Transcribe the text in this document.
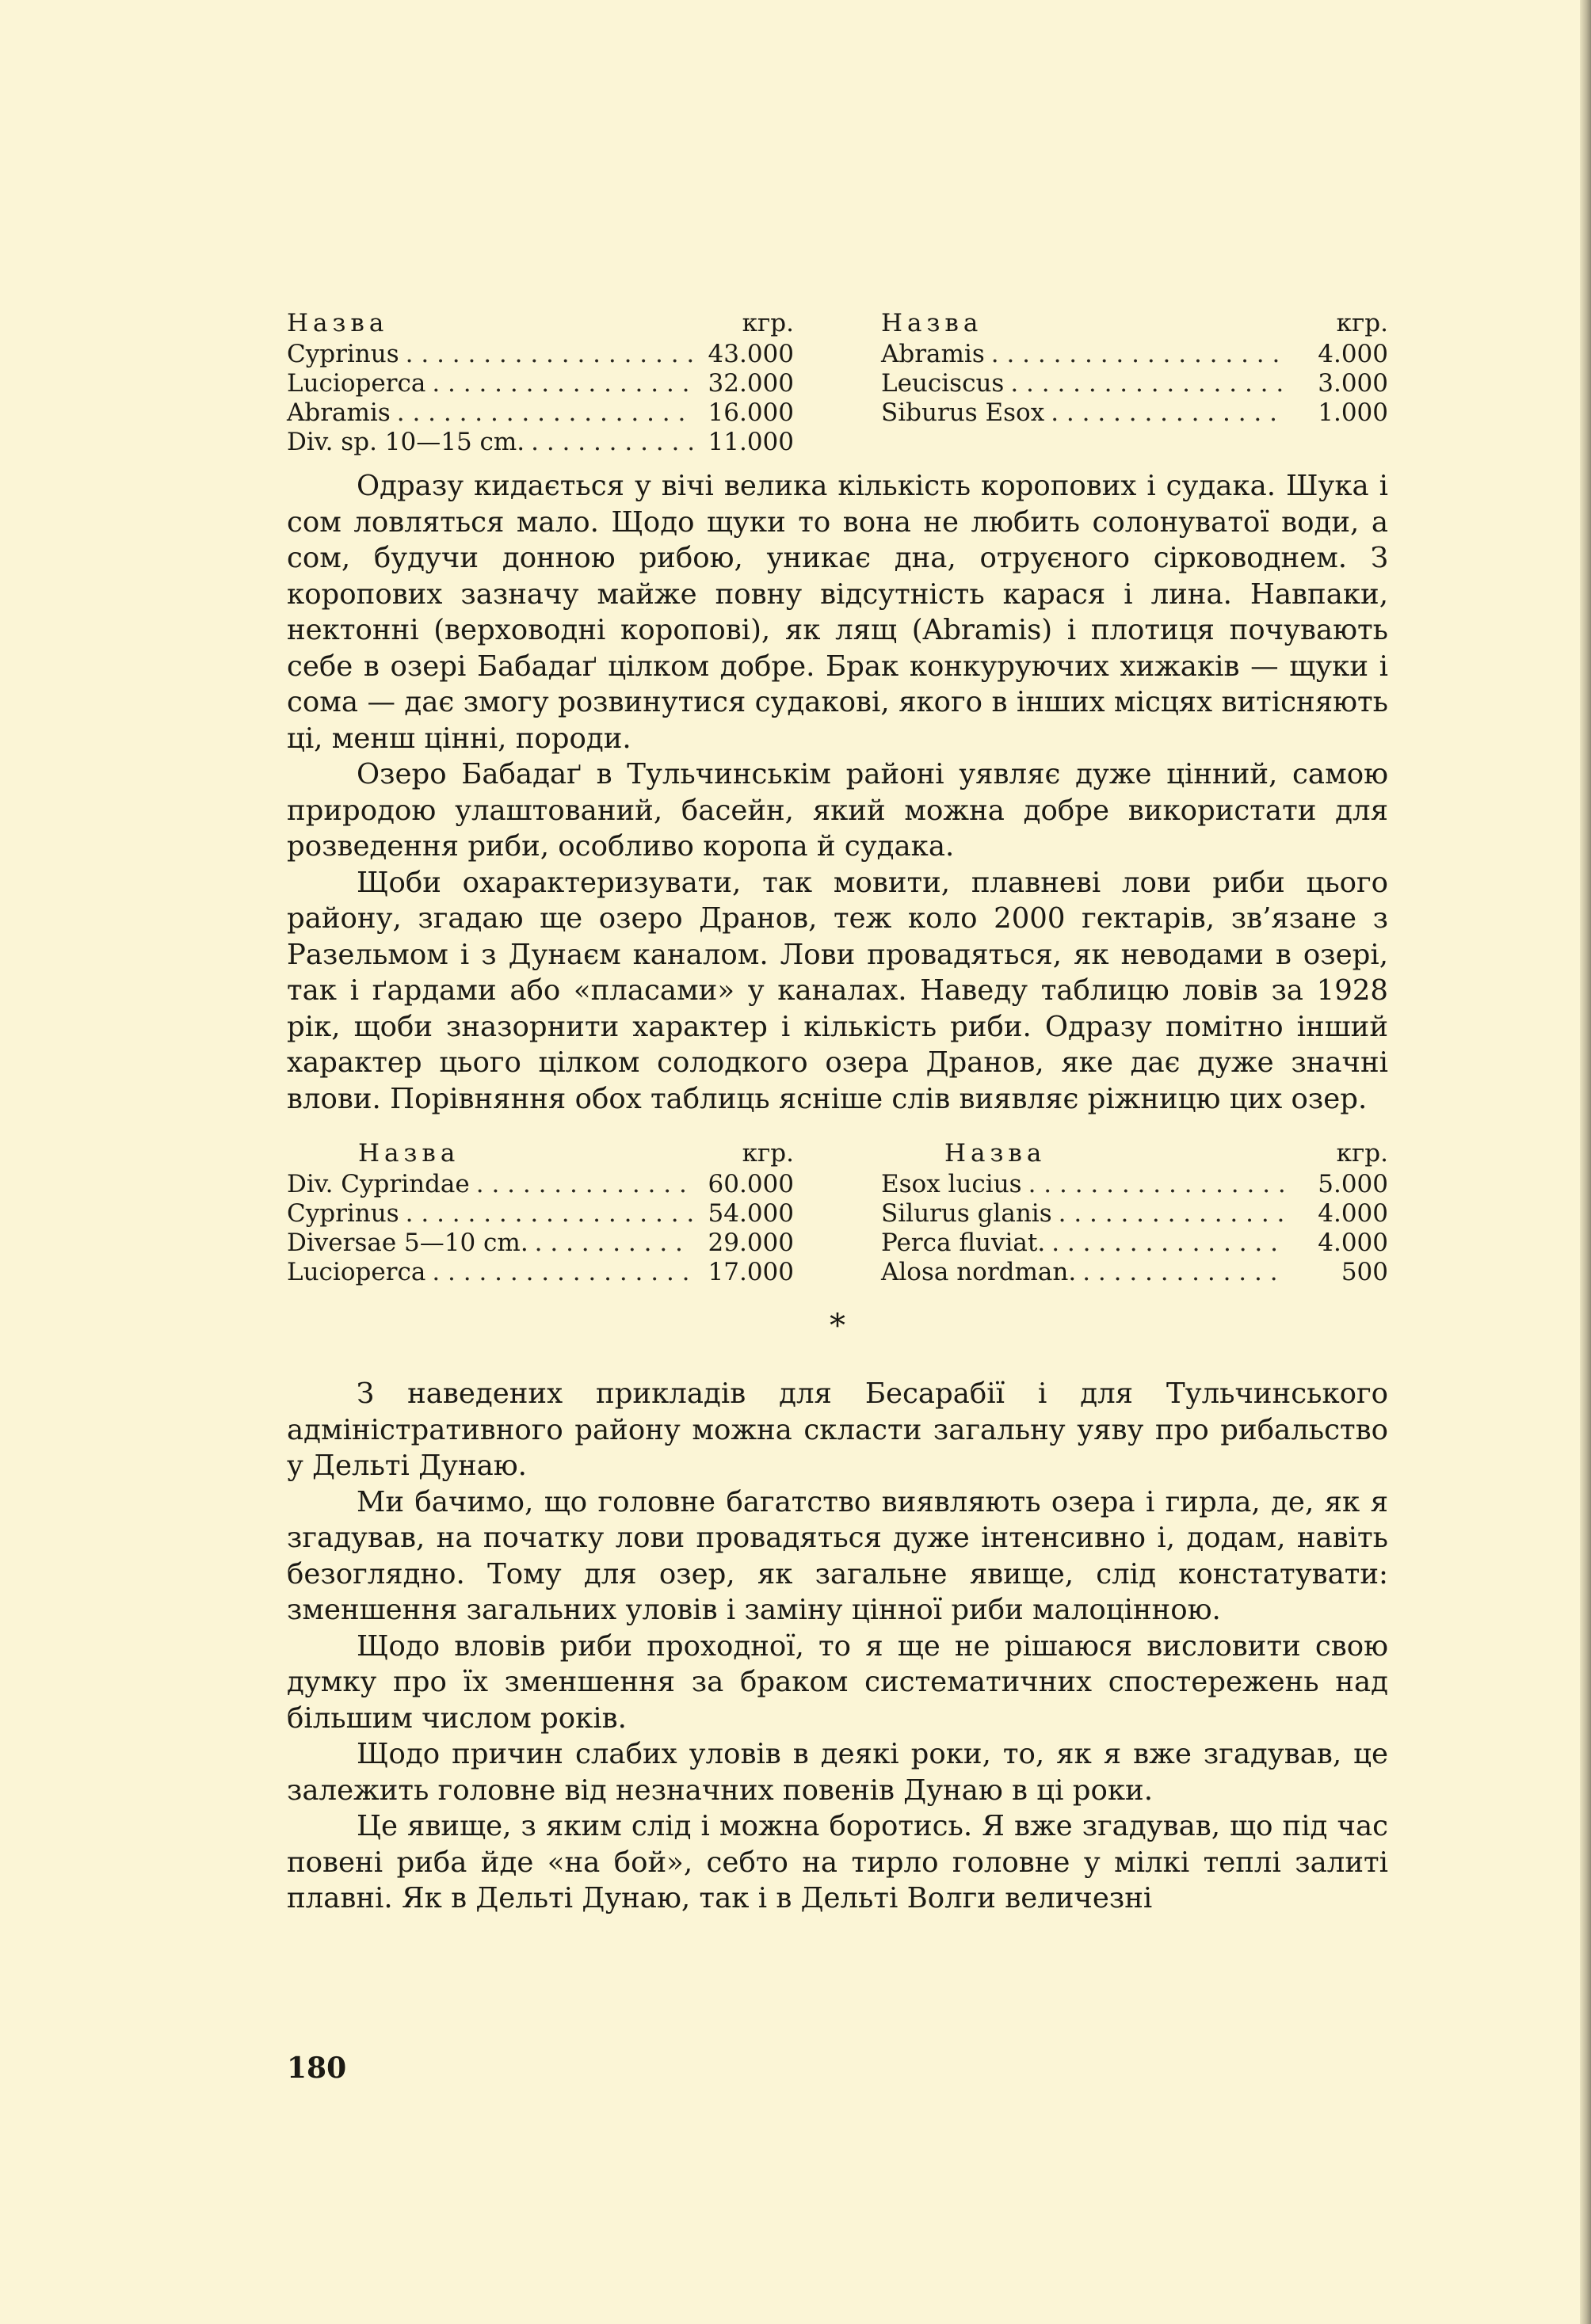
Назва	кгр.
Cyprinus . . .	43.000
Lucioperca . . .	32.000
Abramis . . .	16.000
Div. sp. 10—15 cm. . . .	11.000
Назва	кгр.
Abramis . . .	4.000
Leuciscus . . .	3.000
Siburus Esox . . .	1.000

Одразу кидається у вічі велика кількість коропових і судака. Шука і сом ловляться мало. Щодо щуки то вона не любить солонуватої води, а сом, будучи донною рибою, уникає дна, отруєного сірководнем. З коропових зазначу майже повну відсутність карася і лина. Навпаки, нектонні (верховодні коропові), як лящ (Abramis) і плотиця почувають себе в озері Бабадаґ цілком добре. Брак конкуруючих хижаків — щуки і сома — дає змогу розвинутися судакові, якого в інших місцях витісняють ці, менш цінні, породи.

Озеро Бабадаґ в Тульчинськім районі уявляє дуже цінний, самою природою улаштований, басейн, який можна добре використати для розведення риби, особливо коропа й судака.

Щоби охарактеризувати, так мовити, плавневі лови риби цього району, згадаю ще озеро Дранов, теж коло 2000 гектарів, зв’язане з Разельмом і з Дунаєм каналом. Лови провадяться, як неводами в озері, так і ґардами або «пласами» у каналах. Наведу таблицю ловів за 1928 рік, щоби зназорнити характер і кількість риби. Одразу помітно інший характер цього цілком солодкого озера Дранов, яке дає дуже значні влови. Порівняння обох таблиць ясніше слів виявляє ріжницю цих озер.

Назва	кгр.
Div. Cyprindae . . .	60.000
Cyprinus . . .	54.000
Diversae 5—10 cm. . . .	29.000
Lucioperca . . .	17.000
Назва	кгр.
Esox lucius . . .	5.000
Silurus glanis . . .	4.000
Perca fluviat. . . .	4.000
Alosa nordman. . . .	500
*

З наведених прикладів для Бесарабії і для Тульчинського адміністративного району можна скласти загальну уяву про рибальство у Дельті Дунаю.

Ми бачимо, що головне багатство виявляють озера і гирла, де, як я згадував, на початку лови провадяться дуже інтенсивно і, додам, навіть безоглядно. Тому для озер, як загальне явище, слід констатувати: зменшення загальних уловів і заміну цінної риби малоцінною.

Щодо вловів риби проходної, то я ще не рішаюся висловити свою думку про їх зменшення за браком систематичних спостережень над більшим числом років.

Щодо причин слабих уловів в деякі роки, то, як я вже згадував, це залежить головне від незначних повенів Дунаю в ці роки.

Це явище, з яким слід і можна боротись. Я вже згадував, що під час повені риба йде «на бой», себто на тирло головне у мілкі теплі залиті плавні. Як в Дельті Дунаю, так і в Дельті Волги величезні

180
